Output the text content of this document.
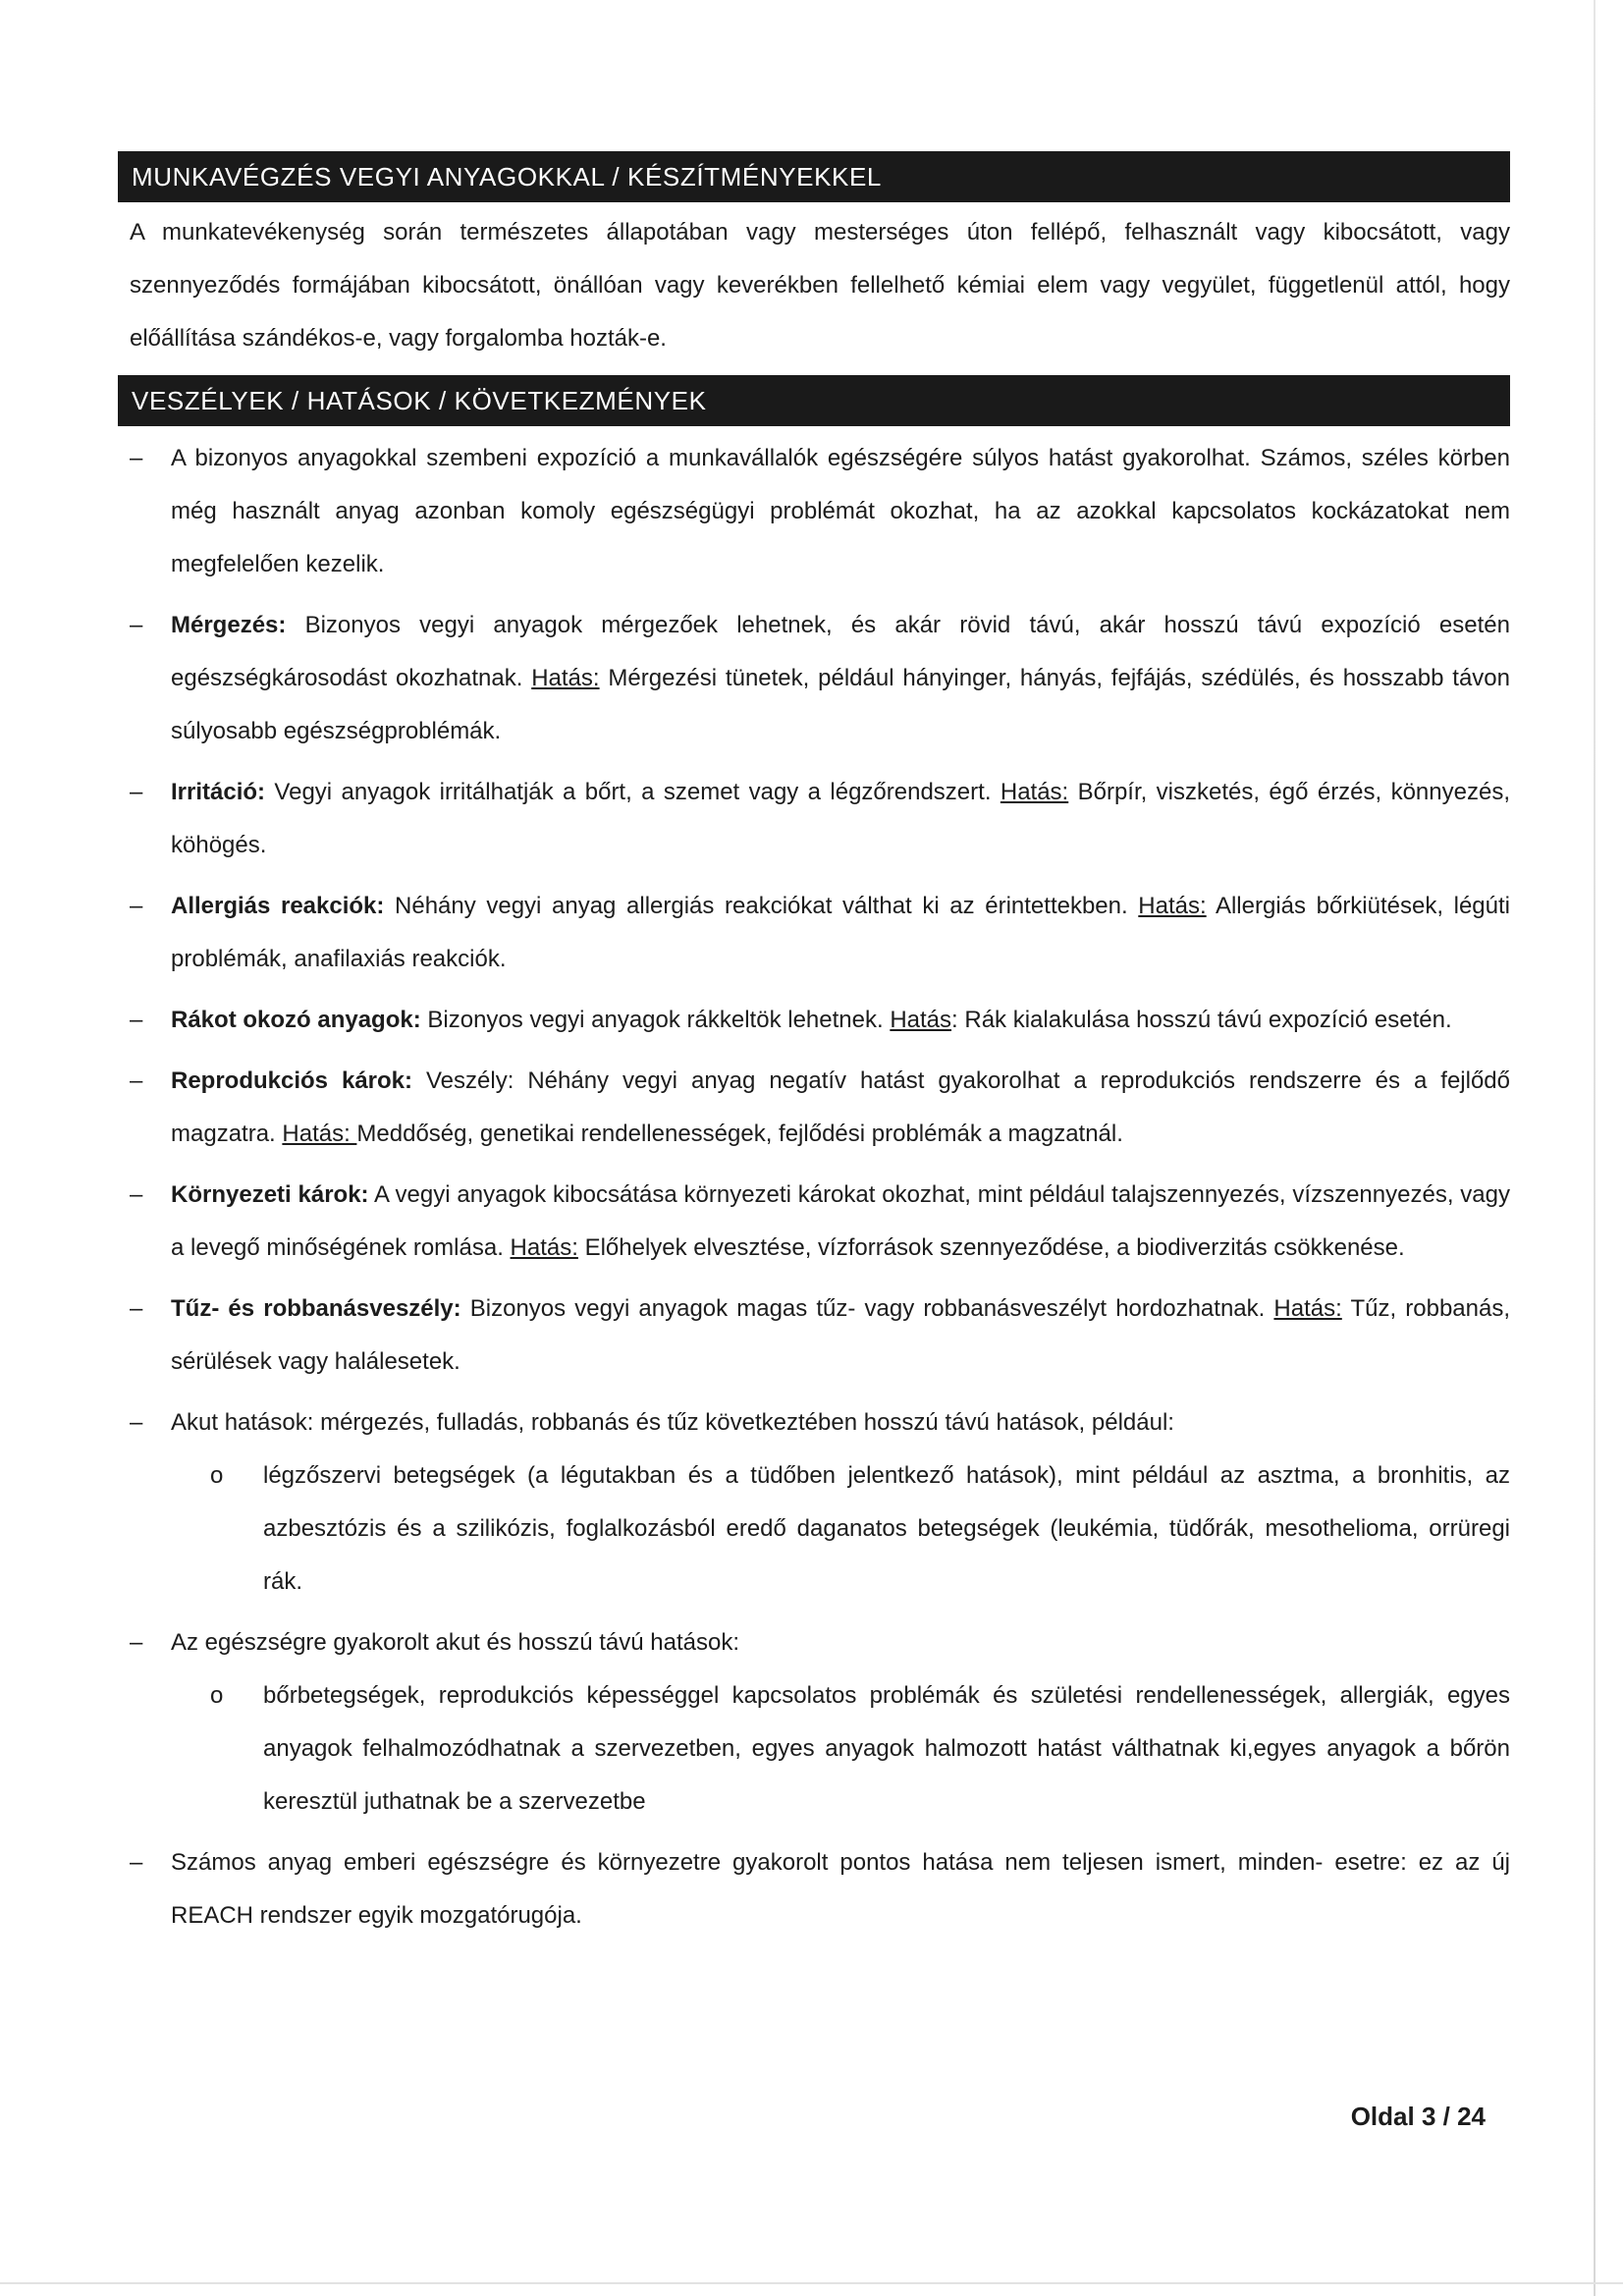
MUNKAVÉGZÉS VEGYI ANYAGOKKAL / KÉSZÍTMÉNYEKKEL
A munkatevékenység során természetes állapotában vagy mesterséges úton fellépő, felhasznált vagy kibocsátott, vagy szennyeződés formájában kibocsátott, önállóan vagy keverékben fellelhető kémiai elem vagy vegyület, függetlenül attól, hogy előállítása szándékos-e, vagy forgalomba hozták-e.
VESZÉLYEK / HATÁSOK / KÖVETKEZMÉNYEK
–	A bizonyos anyagokkal szembeni expozíció a munkavállalók egészségére súlyos hatást gyakorolhat. Számos, széles körben még használt anyag azonban komoly egészségügyi problémát okozhat, ha az azokkal kapcsolatos kockázatokat nem megfelelően kezelik.
–	Mérgezés: Bizonyos vegyi anyagok mérgezőek lehetnek, és akár rövid távú, akár hosszú távú expozíció esetén egészségkárosodást okozhatnak. Hatás: Mérgezési tünetek, például hányinger, hányás, fejfájás, szédülés, és hosszabb távon súlyosabb egészségproblémák.
–	Irritáció: Vegyi anyagok irritálhatják a bőrt, a szemet vagy a légzőrendszert. Hatás: Bőrpír, viszketés, égő érzés, könnyezés, köhögés.
–	Allergiás reakciók: Néhány vegyi anyag allergiás reakciókat válthat ki az érintettekben. Hatás: Allergiás bőrkiütések, légúti problémák, anafilaxiás reakciók.
–	Rákot okozó anyagok: Bizonyos vegyi anyagok rákkeltök lehetnek. Hatás: Rák kialakulása hosszú távú expozíció esetén.
–	Reprodukciós károk: Veszély: Néhány vegyi anyag negatív hatást gyakorolhat a reprodukciós rendszerre és a fejlődő magzatra. Hatás: Meddőség, genetikai rendellenességek, fejlődési problémák a magzatnál.
–	Környezeti károk: A vegyi anyagok kibocsátása környezeti károkat okozhat, mint például talajszennyezés, vízszennyezés, vagy a levegő minőségének romlása. Hatás: Előhelyek elvesztése, vízforrások szennyeződése, a biodiverzitás csökkenése.
–	Tűz- és robbanásveszély: Bizonyos vegyi anyagok magas tűz- vagy robbanásveszélyt hordozhatnak. Hatás: Tűz, robbanás, sérülések vagy halálesetek.
–	Akut hatások: mérgezés, fulladás, robbanás és tűz következtében hosszú távú hatások, például:
o légzőszervi betegségek (a légutakban és a tüdőben jelentkező hatások), mint például az asztma, a bronhitis, az azbesztózis és a szilikózis, foglalkozásból eredő daganatos betegségek (leukémia, tüdőrák, mesothelioma, orrüregi rák.
–	Az egészségre gyakorolt akut és hosszú távú hatások:
o bőrbetegségek, reprodukciós képességgel kapcsolatos problémák és születési rendellenességek, allergiák, egyes anyagok felhalmozódhatnak a szervezetben, egyes anyagok halmozott hatást válthatnak ki,egyes anyagok a bőrön keresztül juthatnak be a szervezetbe
–	Számos anyag emberi egészségre és környezetre gyakorolt pontos hatása nem teljesen ismert, minden- esetre: ez az új REACH rendszer egyik mozgatórugója.
Oldal 3 / 24
